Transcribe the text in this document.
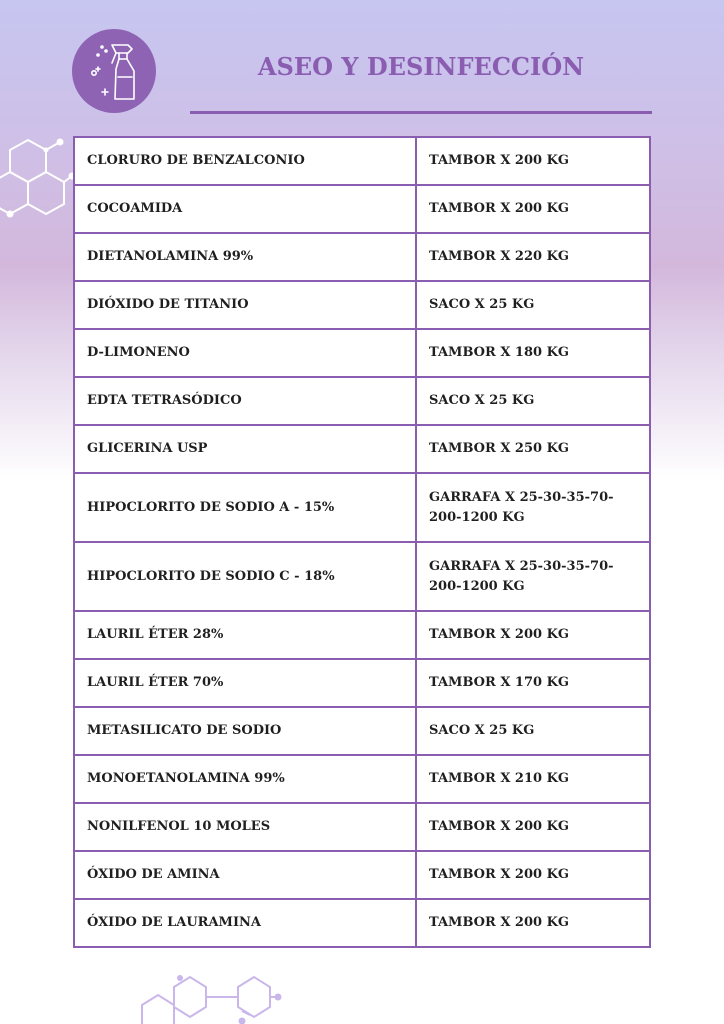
ASEO Y DESINFECCIÓN
CLORURO DE BENZALCONIO	TAMBOR X 200 KG
COCOAMIDA	TAMBOR X 200 KG
DIETANOLAMINA 99%	TAMBOR X 220 KG
DIÓXIDO DE TITANIO	SACO X 25 KG
D-LIMONENO	TAMBOR X 180 KG
EDTA TETRASÓDICO	SACO X 25 KG
GLICERINA USP	TAMBOR X 250 KG
HIPOCLORITO DE SODIO A - 15%	GARRAFA X 25-30-35-70-200-1200 KG
HIPOCLORITO DE SODIO C - 18%	GARRAFA X 25-30-35-70-200-1200 KG
LAURIL ÉTER 28%	TAMBOR X 200 KG
LAURIL ÉTER 70%	TAMBOR X 170 KG
METASILICATO DE SODIO	SACO X 25 KG
MONOETANOLAMINA 99%	TAMBOR X 210 KG
NONILFENOL 10 MOLES	TAMBOR X 200 KG
ÓXIDO DE AMINA	TAMBOR X 200 KG
ÓXIDO DE LAURAMINA	TAMBOR X 200 KG
